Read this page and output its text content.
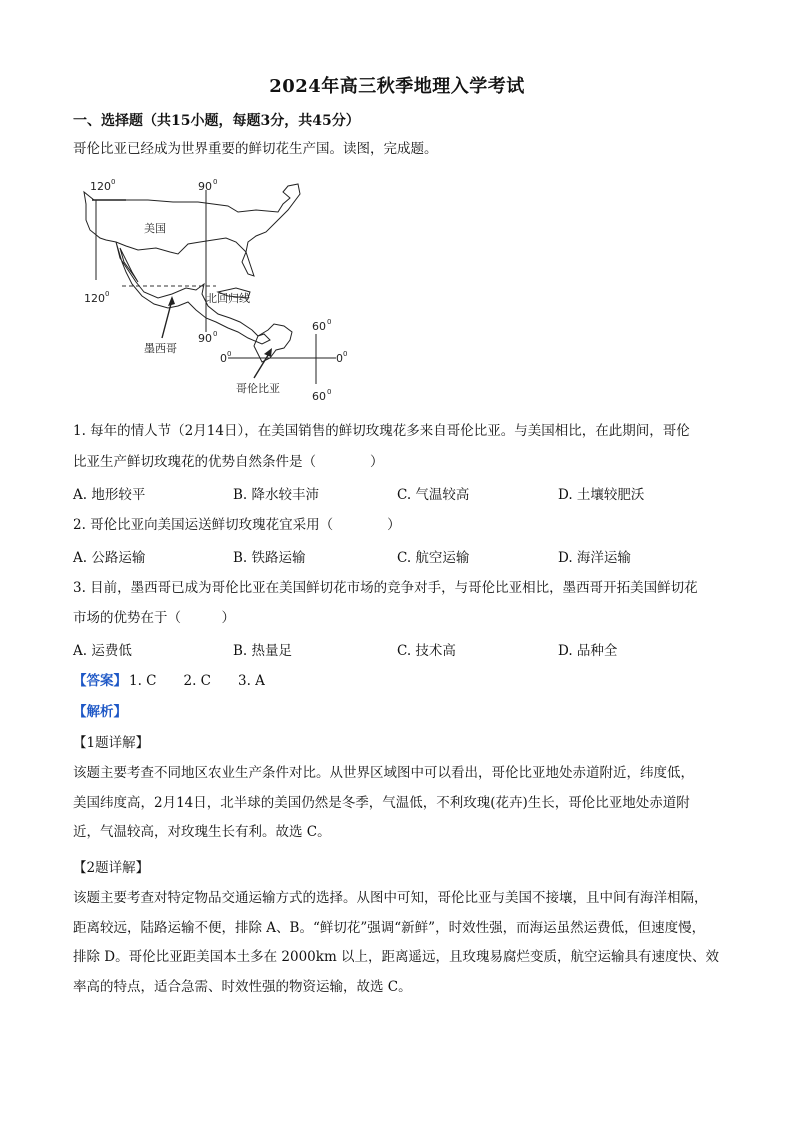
2024年高三秋季地理入学考试
一、选择题（共15小题，每题3分，共45分）
哥伦比亚已经成为世界重要的鲜切花生产国。读图，完成题。
120 0	90 0
美国
120 0	北回归线
90 0
60 0
墨西哥
0 0	0 0
哥伦比亚
60 0
1. 每年的情人节（2月14日），在美国销售的鲜切玫瑰花多来自哥伦比亚。与美国相比，在此期间，哥伦
比亚生产鲜切玫瑰花的优势自然条件是（　　　　）
A. 地形较平	B. 降水较丰沛	C. 气温较高	D. 土壤较肥沃
2. 哥伦比亚向美国运送鲜切玫瑰花宜采用（　　　　）
A. 公路运输	B. 铁路运输	C. 航空运输	D. 海洋运输
3. 目前，墨西哥已成为哥伦比亚在美国鲜切花市场的竞争对手，与哥伦比亚相比，墨西哥开拓美国鲜切花
市场的优势在于（　　　）
A. 运费低	B. 热量足	C. 技术高	D. 品种全
【答案】 1. C　　2. C　　3. A
【解析】
【1题详解】
该题主要考查不同地区农业生产条件对比。从世界区域图中可以看出，哥伦比亚地处赤道附近，纬度低，
美国纬度高，2月14日，北半球的美国仍然是冬季，气温低，不利玫瑰(花卉)生长，哥伦比亚地处赤道附
近，气温较高，对玫瑰生长有利。故选 C。
【2题详解】
该题主要考查对特定物品交通运输方式的选择。从图中可知，哥伦比亚与美国不接壤，且中间有海洋相隔，
距离较远，陆路运输不便，排除 A、B。“鲜切花”强调“新鲜”，时效性强，而海运虽然运费低，但速度慢，
排除 D。哥伦比亚距美国本土多在 2000km 以上，距离遥远，且玫瑰易腐烂变质，航空运输具有速度快、效
率高的特点，适合急需、时效性强的物资运输，故选 C。
